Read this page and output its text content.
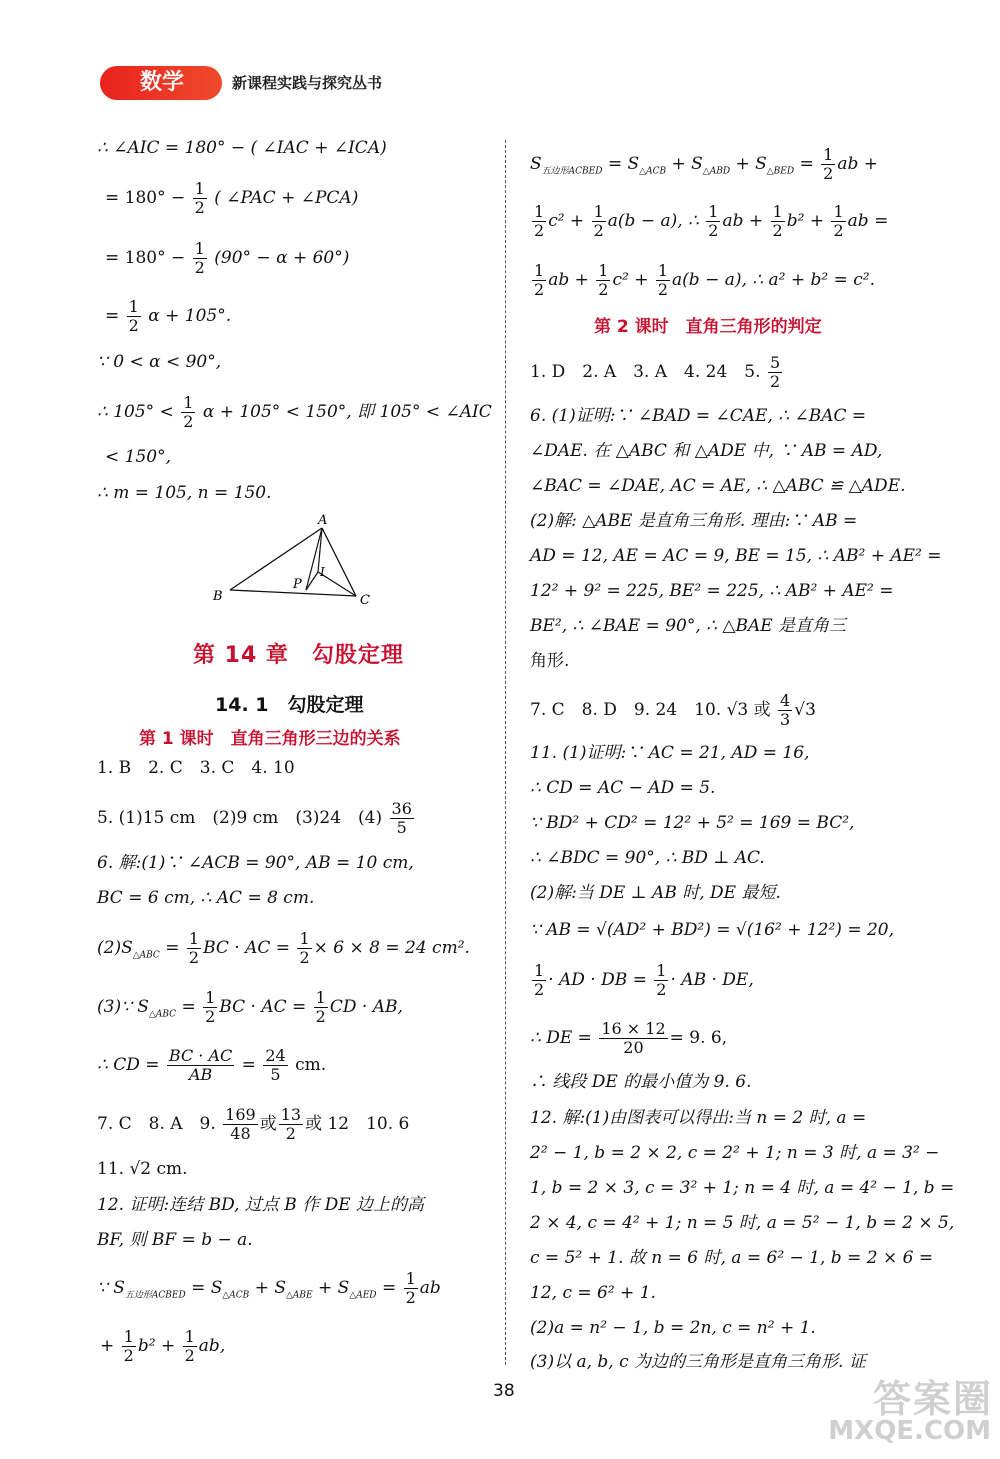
数学	新课程实践与探究丛书
∴ ∠AIC = 180° − ( ∠IAC + ∠ICA)
= $180^\circ - \frac{1}{2}$ ( ∠PAC + ∠PCA)
= $180^\circ - \frac{1}{2} (90^\circ - \alpha + 60^\circ)$
= $\frac{1}{2}$ α + 105°.
∵ 0 < α < 90°,
∴ $105^\circ < \frac{1}{2}$ α + 105° < 150°, 即 105° < ∠AIC
< 150°,
∴ m = 105, n = 150.
A
B	C
P
I
第 14 章　勾股定理
14. 1　勾股定理
第 1 课时　直角三角形三边的关系
1. B　2. C　3. C　4. 10
5. (1)15 cm　(2)9 cm　(3)24　$(4) \frac{36}{5}$
6. 解:(1)∵ ∠ACB = 90°, AB = 10 cm,
BC = 6 cm, ∴ AC = 8 cm.
$(2)S_{\triangle ABC} = \frac{1}{2}$ BC · AC = $\frac{1}{2} \times 6 \times 8 = 24$ cm².
(3)∵ $S_{\triangle ABC} = \frac{1}{2}$ BC · AC = $\frac{1}{2}$ CD · AB,
∴ CD = $\frac{BC \cdot AC}{AB} = \frac{24}{5}$ cm.
7. C　8. A　9. $\frac{169}{48}$ 或 $\frac{13}{2}$ 或 12　10. 6
11. √2 cm.
12. 证明:连结 BD, 过点 B 作 DE 边上的高
BF, 则 BF = b − a.
∵ $S_{五边形ACBED} = S_{\triangle ACB} + S_{\triangle ABE} + S_{\triangle AED} = \frac{1}{2}$ ab
+ $\frac{1}{2} b^2 + \frac{1}{2}$ ab,
$S_{五边形ACBED} = S_{\triangle ACB} + S_{\triangle ABD} + S_{\triangle BED} = \frac{1}{2}$ ab +
$\frac{1}{2} c^2 + \frac{1}{2} a(b - a)$, ∴ $\frac{1}{2}$ ab + $\frac{1}{2} b^2 + \frac{1}{2}$ ab =
$\frac{1}{2}$ ab + $\frac{1}{2} c^2 + \frac{1}{2} a(b - a)$, ∴ a² + b² = c².
第 2 课时　直角三角形的判定
1. D　2. A　3. A　4. 24　5. $\frac{5}{2}$
6. (1)证明:∵ ∠BAD = ∠CAE, ∴ ∠BAC =
∠DAE. 在 △ABC 和 △ADE 中, ∵ AB = AD,
∠BAC = ∠DAE, AC = AE, ∴ △ABC ≌ △ADE.
(2)解: △ABE 是直角三角形. 理由:∵ AB =
AD = 12, AE = AC = 9, BE = 15, ∴ AB² + AE² =
12² + 9² = 225, BE² = 225, ∴ AB² + AE² =
BE², ∴ ∠BAE = 90°, ∴ △BAE 是直角三
角形.
7. C　8. D　9. 24　10. √3 或 $\frac{4}{3} √3$
11. (1)证明:∵ AC = 21, AD = 16,
∴ CD = AC − AD = 5.
∵ BD² + CD² = 12² + 5² = 169 = BC²,
∴ ∠BDC = 90°, ∴ BD ⊥ AC.
(2)解:当 DE ⊥ AB 时, DE 最短.
∵ AB = √(AD² + BD²) = √(16² + 12²) = 20,
$\frac{1}{2}$ · AD · DB = $\frac{1}{2}$ · AB · DE,
∴ DE = $\frac{16 \times 12}{20} = 9$. 6,
∴ 线段 DE 的最小值为 9. 6.
12. 解:(1)由图表可以得出:当 n = 2 时, a =
2² − 1, b = 2 × 2, c = 2² + 1; n = 3 时, a = 3² −
1, b = 2 × 3, c = 3² + 1; n = 4 时, a = 4² − 1, b =
2 × 4, c = 4² + 1; n = 5 时, a = 5² − 1, b = 2 × 5,
c = 5² + 1. 故 n = 6 时, a = 6² − 1, b = 2 × 6 =
12, c = 6² + 1.
(2)a = n² − 1, b = 2n, c = n² + 1.
(3)以 a, b, c 为边的三角形是直角三角形. 证
38	答案圈
MXQE.COM
